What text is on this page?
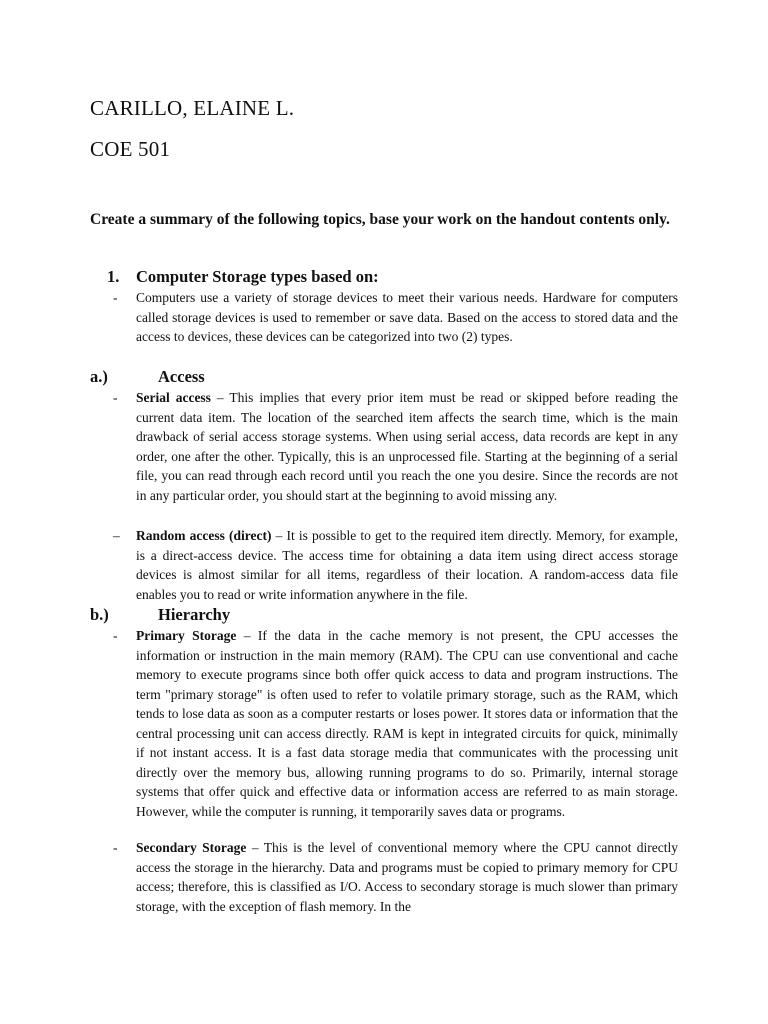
CARILLO, ELAINE L.
COE 501
Create a summary of the following topics, base your work on the handout contents only.
1. Computer Storage types based on:
- Computers use a variety of storage devices to meet their various needs. Hardware for computers called storage devices is used to remember or save data. Based on the access to stored data and the access to devices, these devices can be categorized into two (2) types.
a.)	Access
- Serial access – This implies that every prior item must be read or skipped before reading the current data item. The location of the searched item affects the search time, which is the main drawback of serial access storage systems. When using serial access, data records are kept in any order, one after the other. Typically, this is an unprocessed file. Starting at the beginning of a serial file, you can read through each record until you reach the one you desire. Since the records are not in any particular order, you should start at the beginning to avoid missing any.
– Random access (direct) – It is possible to get to the required item directly. Memory, for example, is a direct-access device. The access time for obtaining a data item using direct access storage devices is almost similar for all items, regardless of their location. A random-access data file enables you to read or write information anywhere in the file.
b.)	Hierarchy
- Primary Storage – If the data in the cache memory is not present, the CPU accesses the information or instruction in the main memory (RAM). The CPU can use conventional and cache memory to execute programs since both offer quick access to data and program instructions. The term "primary storage" is often used to refer to volatile primary storage, such as the RAM, which tends to lose data as soon as a computer restarts or loses power. It stores data or information that the central processing unit can access directly. RAM is kept in integrated circuits for quick, minimally if not instant access. It is a fast data storage media that communicates with the processing unit directly over the memory bus, allowing running programs to do so. Primarily, internal storage systems that offer quick and effective data or information access are referred to as main storage. However, while the computer is running, it temporarily saves data or programs.
- Secondary Storage – This is the level of conventional memory where the CPU cannot directly access the storage in the hierarchy. Data and programs must be copied to primary memory for CPU access; therefore, this is classified as I/O. Access to secondary storage is much slower than primary storage, with the exception of flash memory. In the
